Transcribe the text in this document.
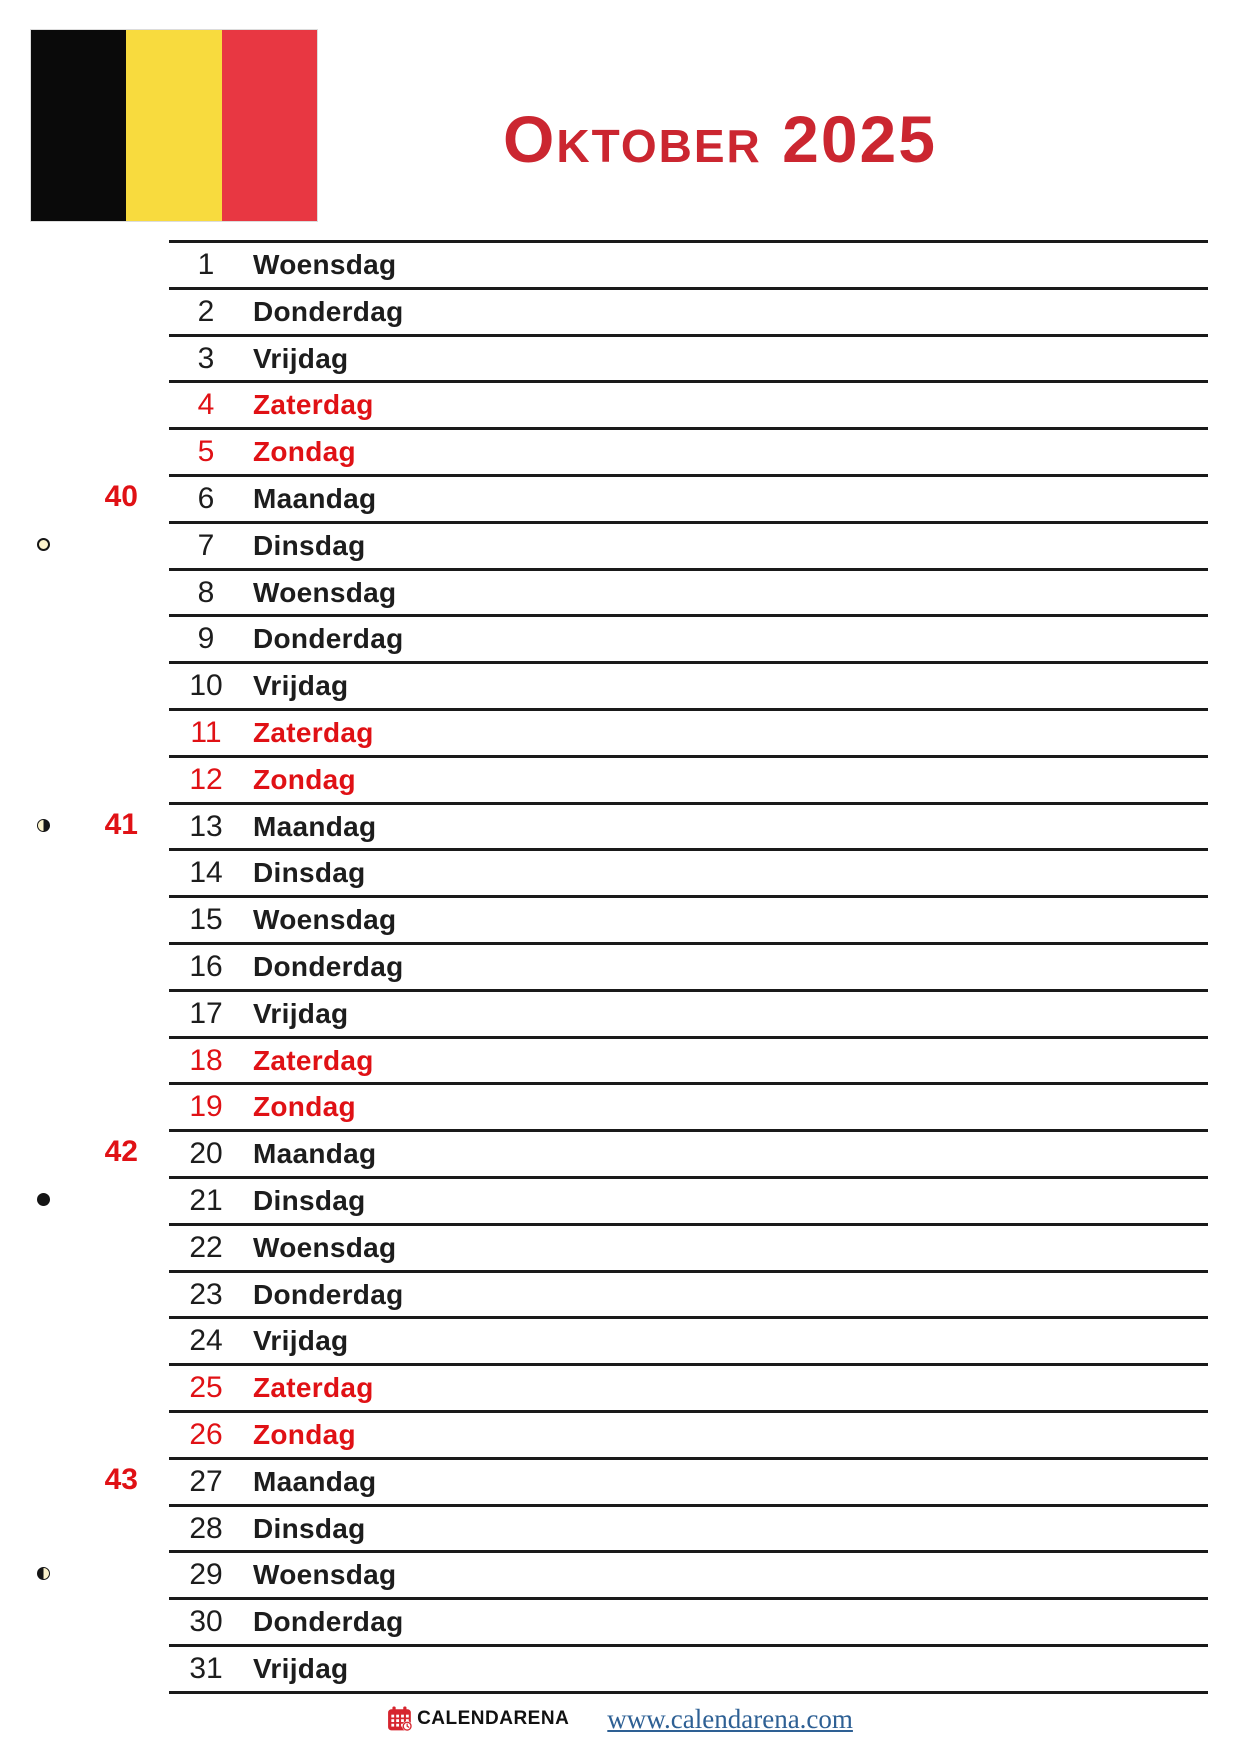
Oktober 2025
1 Woensdag
2 Donderdag
3 Vrijdag
4 Zaterdag
5 Zondag
6 Maandag
7 Dinsdag
8 Woensdag
9 Donderdag
10 Vrijdag
11 Zaterdag
12 Zondag
13 Maandag
14 Dinsdag
15 Woensdag
16 Donderdag
17 Vrijdag
18 Zaterdag
19 Zondag
20 Maandag
21 Dinsdag
22 Woensdag
23 Donderdag
24 Vrijdag
25 Zaterdag
26 Zondag
27 Maandag
28 Dinsdag
29 Woensdag
30 Donderdag
31 Vrijdag
CALENDARENA www.calendarena.com
40
41
42
43
